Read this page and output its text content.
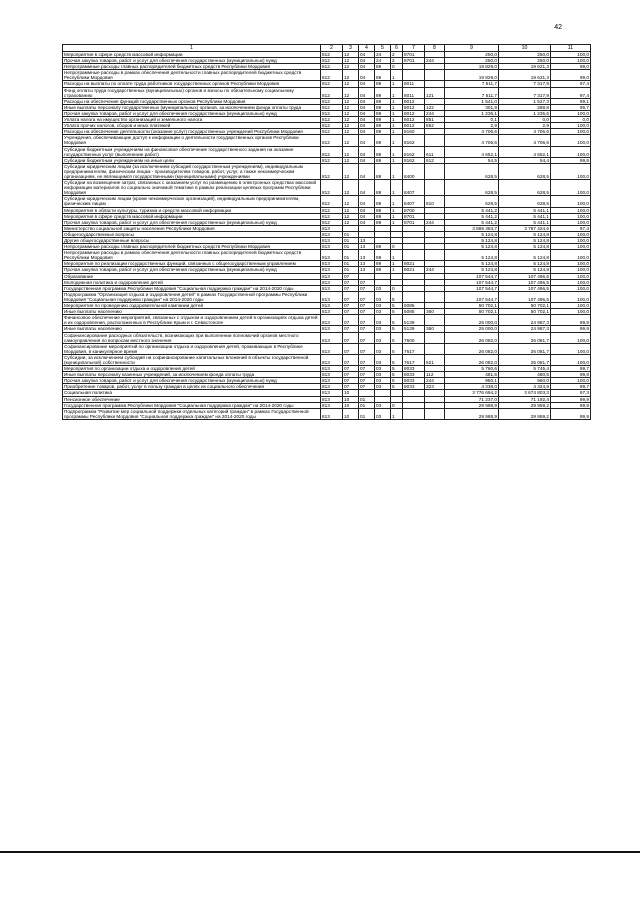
42
1	2	3	4	5	6	7	8	9	10	11
Мероприятия в сфере средств массовой информации	812	12	04	24	2	8701		250,0	250,0	100,0
Прочая закупка товаров, работ и услуг для обеспечения государственных (муниципальных) нужд	812	12	04	24	2	8701	244	250,0	250,0	100,0
Непрограммные расходы главных распорядителей бюджетных средств Республики Мордовия	812	12	04	89	0			19 829,0	19 621,3	99,0
Непрограммные расходы в рамках обеспечения деятельности главных распорядителей бюджетных средств Республики Мордовия	812	12	04	89	1			19 829,0	19 621,3	99,0
Расходы на выплаты по оплате труда работников государственных органов Республики Мордовия	812	12	04	89	1	8011		7 511,7	7 317,9	97,4
Фонд оплаты труда государственных (муниципальных) органов и взносы по обязательному социальному страхованию	812	12	04	89	1	8011	121	7 511,7	7 317,9	97,4
Расходы на обеспечение функций государственных органов Республики Мордовия	812	12	04	89	1	8012		1 541,0	1 527,3	99,1
Иные выплаты персоналу государственных (муниципальных) органов, за исключением фонда оплаты труда	812	12	04	89	1	8012	122	301,9	288,8	95,7
Прочая закупка товаров, работ и услуг для обеспечения государственных (муниципальных) нужд	812	12	04	89	1	8012	244	1 236,1	1 235,6	100,0
Уплата налога на имущество организаций и земельного налога	812	12	04	89	1	8012	851	0,1	0,0	0,0
Уплата прочих налогов, сборов и иных платежей	812	12	04	89	1	8012	852	2,9	2,9	100,0
Расходы на обеспечение деятельности (оказание услуг) государственных учреждений Республики Мордовия	812	12	04	89	1	8160		4 706,6	4 706,6	100,0
Учреждения, обеспечивающие доступ к информации о деятельности государственных органов Республики Мордовия	812	12	04	89	1	8162		4 706,6	4 706,6	100,0
Субсидии бюджетным учреждениям на финансовое обеспечение государственного задания на оказание государственных услуг (выполнение работ)	812	12	04	89	1	8162	611	4 652,1	4 652,1	100,0
Субсидии бюджетным учреждениям на иные цели	812	12	04	89	1	8162	612	54,5	54,4	99,8
Субсидии юридическим лицам (за исключением субсидий государственным учреждениям), индивидуальным предпринимателям, физическим лицам - производителям товаров, работ, услуг, а также некоммерческим организациям, не являющимся государственными (муниципальными) учреждениями	812	12	04	89	1	8400		628,5	628,5	100,0
Субсидии на возмещение затрат, связанных с оказанием услуг по размещению в электронных средствах массовой информации материалов по социально значимой тематике в рамках реализации целевых программ Республики Мордовия	812	12	04	89	1	8407		628,5	628,5	100,0
Субсидии юридическим лицам (кроме некоммерческих организаций), индивидуальным предпринимателям, физическим лицам	812	12	04	89	1	8407	810	628,5	628,5	100,0
Мероприятия в области культуры, туризма и средств массовой информации	812	12	04	89	1	8700		5 441,2	5 441,1	100,0
Мероприятия в сфере средств массовой информации	812	12	04	89	1	8701		5 441,2	5 441,1	100,0
Прочая закупка товаров, работ и услуг для обеспечения государственных (муниципальных) нужд	812	12	04	89	1	8701	244	5 441,2	5 441,1	100,0
Министерство социальной защиты населения Республики Мордовия	813							3 889 383,7	3 787 424,6	97,4
Общегосударственные вопросы	813	01						5 124,8	5 124,8	100,0
Другие общегосударственные вопросы	813	01	13					5 124,8	5 124,8	100,0
Непрограммные расходы главных распорядителей бюджетных средств Республики Мордовия	813	01	13	89	0			5 124,8	5 124,8	100,0
Непрограммные расходы в рамках обеспечения деятельности главных распорядителей бюджетных средств Республики Мордовия	813	01	13	89	1			5 124,8	5 124,8	100,0
Мероприятия по реализации государственных функций, связанных с общегосударственным управлением	813	01	13	89	1	8021		5 124,8	5 124,8	100,0
Прочая закупка товаров, работ и услуг для обеспечения государственных (муниципальных) нужд	813	01	13	89	1	8021	244	5 124,8	5 124,8	100,0
Образование	813	07						107 544,7	107 496,5	100,0
Молодежная политика и оздоровление детей	813	07	07					107 544,7	107 496,5	100,0
Государственная программа Республики Мордовия "Социальная поддержка граждан" на 2014-2020 годы	813	07	07	03	0			107 544,7	107 496,5	100,0
Подпрограмма "Организация отдыха и оздоровления детей" в рамках Государственной программы Республики Мордовия "Социальная поддержка граждан" на 2014-2020 годы	813	07	07	03	5			107 544,7	107 496,5	100,0
Мероприятия по проведению оздоровительной кампании детей	813	07	07	03	5	5085		50 702,1	50 702,1	100,0
Иные выплаты населению	813	07	07	03	5	5085	360	50 702,1	50 702,1	100,0
Финансовое обеспечение мероприятий, связанных с отдыхом и оздоровлением детей в организациях отдыха детей и их оздоровления, расположенных в Республике Крым и г. Севастополе	813	07	07	03	5	5139		25 000,0	24 987,3	99,9
Иные выплаты населению	813	07	07	03	5	5139	360	25 000,0	24 987,3	99,9
Софинансирование расходных обязательств, возникающих при выполнении полномочий органов местного самоуправления по вопросам местного значения	813	07	07	03	5	7600		26 082,0	26 081,7	100,0
Софинансирование мероприятий по организации отдыха и оздоровления детей, проживающих в Республике Мордовия, в каникулярное время	813	07	07	03	5	7617		26 082,0	26 081,7	100,0
Субсидии, за исключением субсидий на софинансирование капитальных вложений в объекты государственной (муниципальной) собственности	813	07	07	03	5	7617	521	26 082,0	26 081,7	100,0
Мероприятия по организации отдыха и оздоровления детей	813	07	07	03	5	8033		5 760,6	5 745,4	99,7
Иные выплаты персоналу казенных учреждений, за исключением фонда оплаты труда	813	07	07	03	5	8033	112	481,5	480,5	99,8
Прочая закупка товаров, работ и услуг для обеспечения государственных (муниципальных) нужд	813	07	07	03	5	8033	244	960,1	960,0	100,0
Приобретение товаров, работ, услуг в пользу граждан в целях их социального обеспечения	813	07	07	03	5	8033	323	4 338,0	4 324,9	99,7
Социальная политика	813	10						3 776 694,2	3 674 803,3	97,3
Пенсионное обеспечение	813	10	01					71 237,0	71 192,4	99,9
Государственная программа Республики Мордовия "Социальная поддержка граждан" на 2014-2020 годы	813	10	01	03	0			29 988,9	29 959,2	99,9
Подпрограмма "Развитие мер социальной поддержки отдельных категорий граждан" в рамках Государственной программы Республики Мордовия "Социальная поддержка граждан" на 2014-2020 годы	813	10	01	03	1			29 988,9	29 959,2	99,9
